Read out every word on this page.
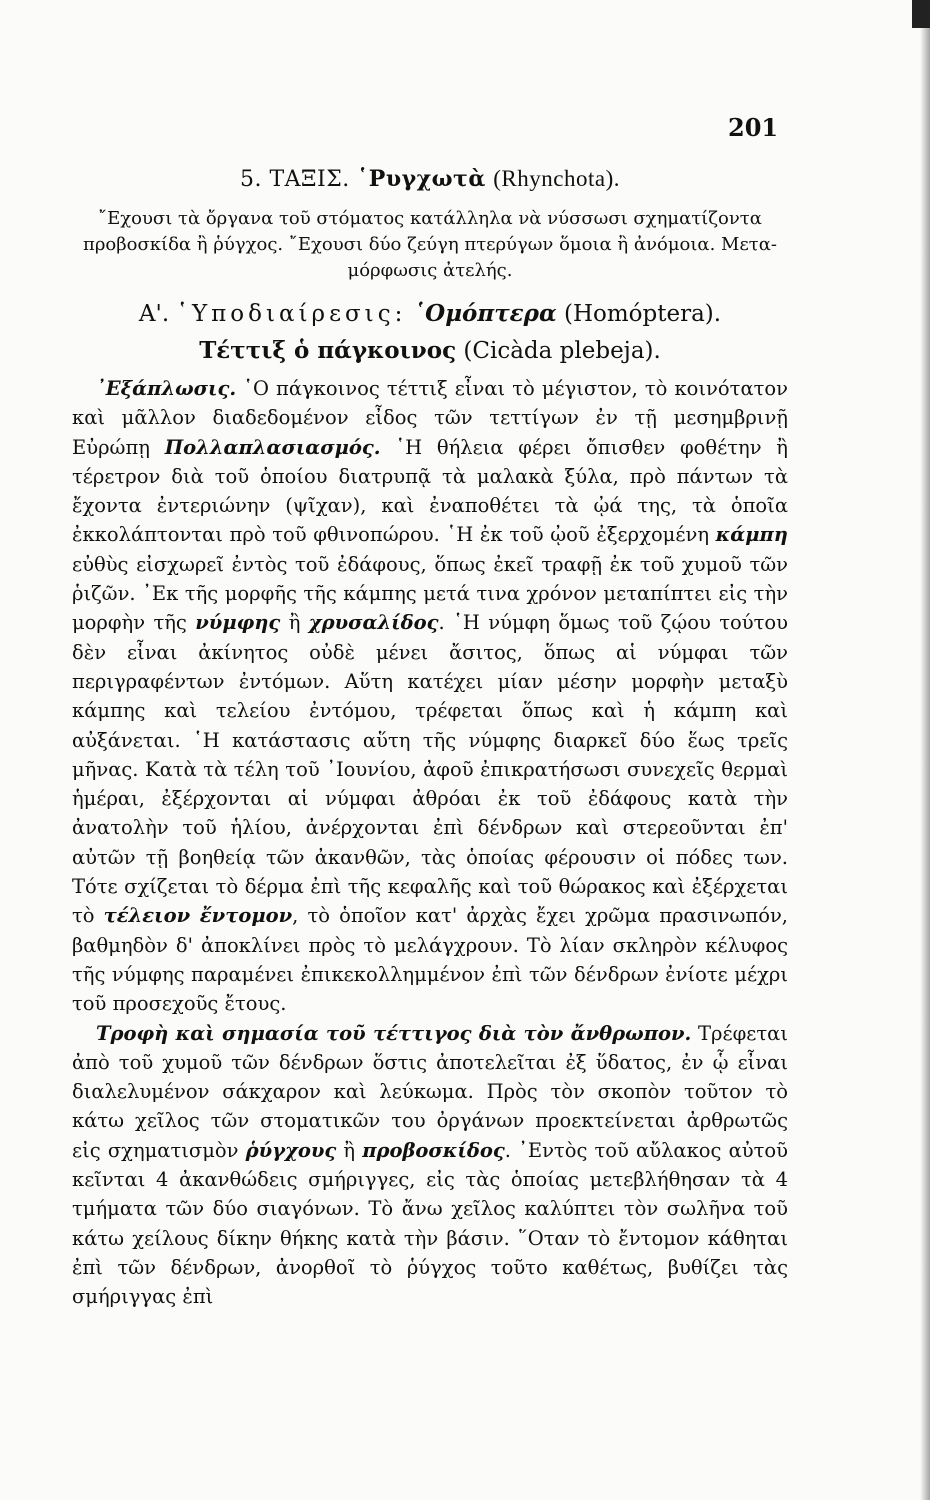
201

5. ΤΑΞΙΣ. ῾Ρυγχωτὰ (Rhynchota).

῎Εχουσι τὰ ὄργανα τοῦ στόματος κατάλληλα νὰ νύσσωσι σχηματίζοντα
προβοσκίδα ἢ ῥύγχος. ῎Εχουσι δύο ζεύγη πτερύγων ὅμοια ἢ ἀνόμοια. Μετα-
μόρφωσις ἀτελής.

Α'. ῾Υποδιαίρεσις: ῾Ομόπτερα (Homóptera).

Τέττιξ ὁ πάγκοινος (Cicàda plebeja).

᾿Εξάπλωσις. ῾Ο πάγκοινος τέττιξ εἶναι τὸ μέγιστον, τὸ κοινότατον καὶ μᾶλλον διαδεδομένον εἶδος τῶν τεττίγων ἐν τῇ μεσημβρινῇ Εὐρώπῃ Πολλαπλασιασμός. ῾Η θήλεια φέρει ὄπισθεν φοθέτην ἢ τέρετρον διὰ τοῦ ὁποίου διατρυπᾷ τὰ μαλακὰ ξύλα, πρὸ πάντων τὰ ἔχοντα ἐντεριώνην (ψῖχαν), καὶ ἐναποθέτει τὰ ᾠά της, τὰ ὁποῖα ἐκκολάπτονται πρὸ τοῦ φθινοπώρου. ῾Η ἐκ τοῦ ᾠοῦ ἐξερχομένη κάμπη εὐθὺς εἰσχωρεῖ ἐντὸς τοῦ ἐδάφους, ὅπως ἐκεῖ τραφῇ ἐκ τοῦ χυμοῦ τῶν ῥιζῶν. ᾿Εκ τῆς μορφῆς τῆς κάμπης μετά τινα χρόνον μεταπίπτει εἰς τὴν μορφὴν τῆς νύμφης ἢ χρυσαλίδος. ῾Η νύμφη ὅμως τοῦ ζῴου τούτου δὲν εἶναι ἀκίνητος οὐδὲ μένει ἄσιτος, ὅπως αἱ νύμφαι τῶν περιγραφέντων ἐντόμων. Αὕτη κατέχει μίαν μέσην μορφὴν μεταξὺ κάμπης καὶ τελείου ἐντόμου, τρέφεται ὅπως καὶ ἡ κάμπη καὶ αὐξάνεται. ῾Η κατάστασις αὕτη τῆς νύμφης διαρκεῖ δύο ἕως τρεῖς μῆνας. Κατὰ τὰ τέλη τοῦ ᾿Ιουνίου, ἀφοῦ ἐπικρατήσωσι συνεχεῖς θερμαὶ ἡμέραι, ἐξέρχονται αἱ νύμφαι ἀθρόαι ἐκ τοῦ ἐδάφους κατὰ τὴν ἀνατολὴν τοῦ ἡλίου, ἀνέρχονται ἐπὶ δένδρων καὶ στερεοῦνται ἐπ' αὐτῶν τῇ βοηθείᾳ τῶν ἀκανθῶν, τὰς ὁποίας φέρουσιν οἱ πόδες των. Τότε σχίζεται τὸ δέρμα ἐπὶ τῆς κεφαλῆς καὶ τοῦ θώρακος καὶ ἐξέρχεται τὸ τέλειον ἔντομον, τὸ ὁποῖον κατ' ἀρχὰς ἔχει χρῶμα πρασινωπόν, βαθμηδὸν δ' ἀποκλίνει πρὸς τὸ μελάγχρουν. Τὸ λίαν σκληρὸν κέλυφος τῆς νύμφης παραμένει ἐπικεκολλημμένον ἐπὶ τῶν δένδρων ἐνίοτε μέχρι τοῦ προσεχοῦς ἔτους.

Τροφὴ καὶ σημασία τοῦ τέττιγος διὰ τὸν ἄνθρωπον. Τρέφεται ἀπὸ τοῦ χυμοῦ τῶν δένδρων ὅστις ἀποτελεῖται ἐξ ὕδατος, ἐν ᾧ εἶναι διαλελυμένον σάκχαρον καὶ λεύκωμα. Πρὸς τὸν σκοπὸν τοῦτον τὸ κάτω χεῖλος τῶν στοματικῶν του ὀργάνων προεκτείνεται ἀρθρωτῶς εἰς σχηματισμὸν ῥύγχους ἢ προβοσκίδος. ᾿Εντὸς τοῦ αὔλακος αὐτοῦ κεῖνται 4 ἀκανθώδεις σμήριγγες, εἰς τὰς ὁποίας μετεβλήθησαν τὰ 4 τμήματα τῶν δύο σιαγόνων. Τὸ ἄνω χεῖλος καλύπτει τὸν σωλῆνα τοῦ κάτω χείλους δίκην θήκης κατὰ τὴν βάσιν. ῞Οταν τὸ ἔντομον κάθηται ἐπὶ τῶν δένδρων, ἀνορθοῖ τὸ ῥύγχος τοῦτο καθέτως, βυθίζει τὰς σμήριγγας ἐπὶ
